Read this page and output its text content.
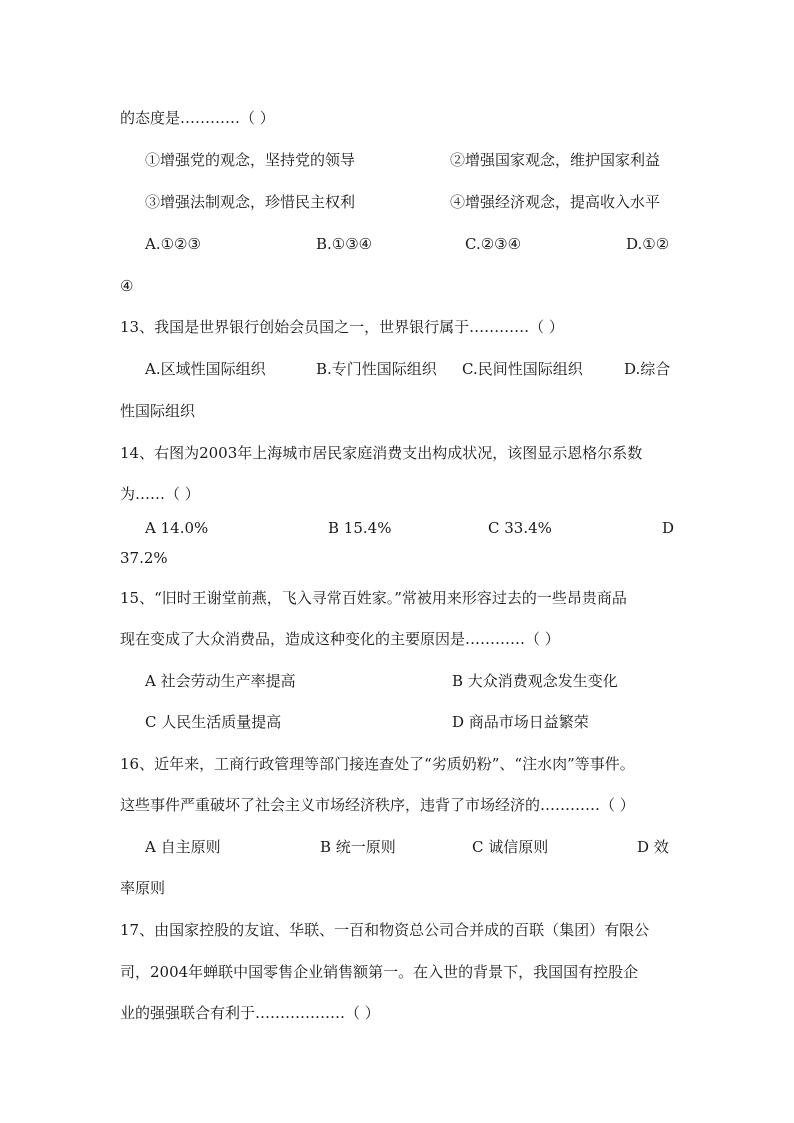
的态度是…………（ ）
①增强党的观念，坚持党的领导	②增强国家观念，维护国家利益
③增强法制观念，珍惜民主权利	④增强经济观念，提高收入水平
A.①②③	B.①③④	C.②③④	D.①②
④
13、我国是世界银行创始会员国之一，世界银行属于…………（ ）
A.区域性国际组织	B.专门性国际组织 C.民间性国际组织	D.综合
性国际组织
14、右图为2003年上海城市居民家庭消费支出构成状况，该图显示恩格尔系数
为……（ ）
A 14.0%	B 15.4%	C 33.4%	D
37.2%
15、“旧时王谢堂前燕，飞入寻常百姓家。”常被用来形容过去的一些昂贵商品
现在变成了大众消费品，造成这种变化的主要原因是…………（ ）
A 社会劳动生产率提高	B 大众消费观念发生变化
C 人民生活质量提高	D 商品市场日益繁荣
16、近年来，工商行政管理等部门接连查处了“劣质奶粉”、“注水肉”等事件。
这些事件严重破坏了社会主义市场经济秩序，违背了市场经济的…………（ ）
A 自主原则	B 统一原则	C 诚信原则	D 效
率原则
17、由国家控股的友谊、华联、一百和物资总公司合并成的百联（集团）有限公
司，2004年蝉联中国零售企业销售额第一。在入世的背景下，我国国有控股企
业的强强联合有利于………………（ ）
